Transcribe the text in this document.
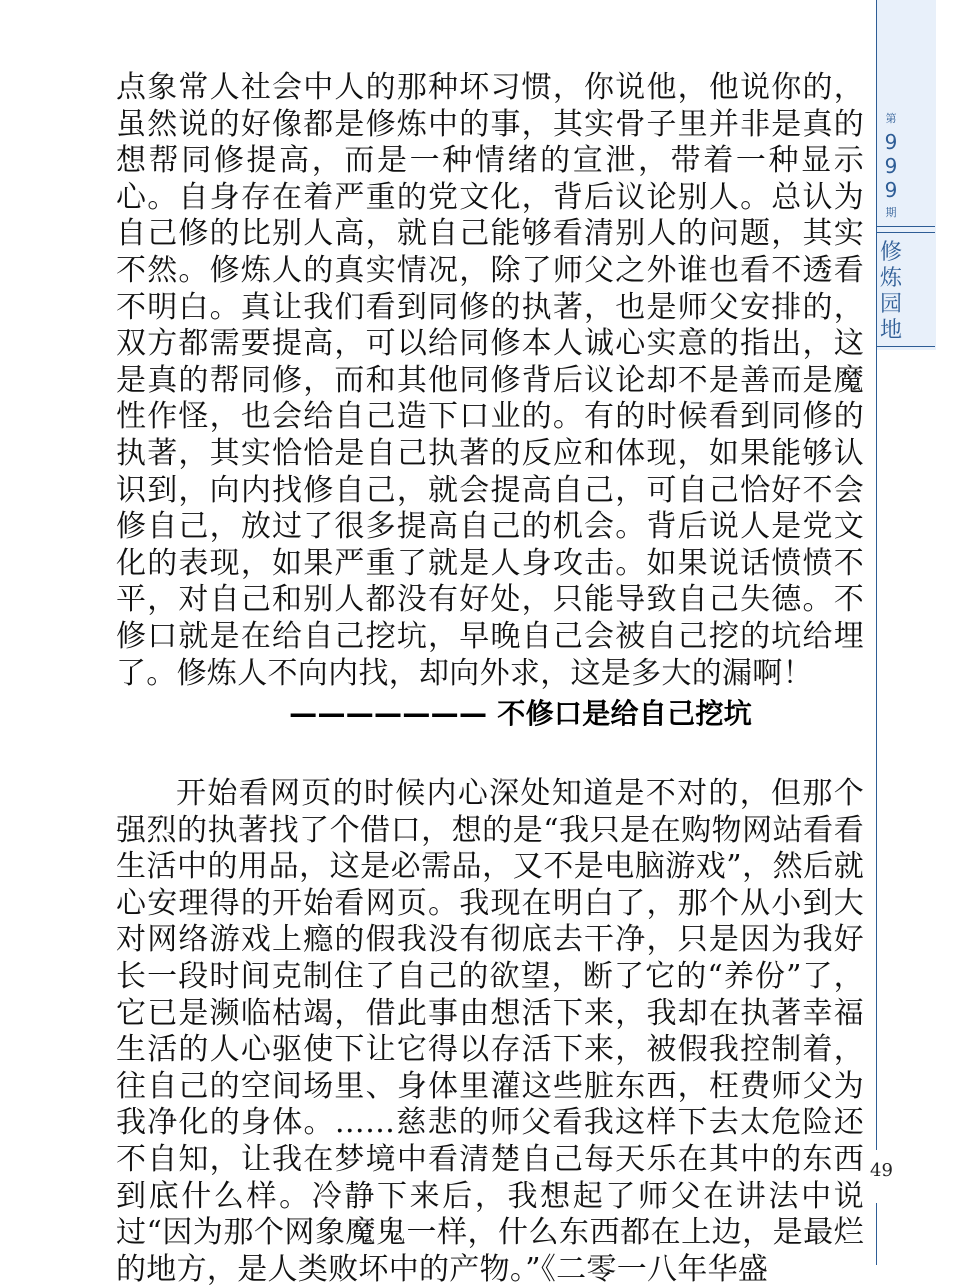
点象常人社会中人的那种坏习惯，你说他，他说你的，虽然说的好像都是修炼中的事，其实骨子里并非是真的想帮同修提高，而是一种情绪的宣泄，带着一种显示心。自身存在着严重的党文化，背后议论别人。总认为自己修的比别人高，就自己能够看清别人的问题，其实不然。修炼人的真实情况，除了师父之外谁也看不透看不明白。真让我们看到同修的执著，也是师父安排的，双方都需要提高，可以给同修本人诚心实意的指出，这是真的帮同修，而和其他同修背后议论却不是善而是魔性作怪，也会给自己造下口业的。有的时候看到同修的执著，其实恰恰是自己执著的反应和体现，如果能够认识到，向内找修自己，就会提高自己，可自己恰好不会修自己，放过了很多提高自己的机会。背后说人是党文化的表现，如果严重了就是人身攻击。如果说话愤愤不平，对自己和别人都没有好处，只能导致自己失德。不修口就是在给自己挖坑，早晚自己会被自己挖的坑给埋了。修炼人不向内找，却向外求，这是多大的漏啊！

——————— 不修口是给自己挖坑

开始看网页的时候内心深处知道是不对的，但那个强烈的执著找了个借口，想的是“我只是在购物网站看看生活中的用品，这是必需品，又不是电脑游戏”，然后就心安理得的开始看网页。我现在明白了，那个从小到大对网络游戏上瘾的假我没有彻底去干净，只是因为我好长一段时间克制住了自己的欲望，断了它的“养份”了，它已是濒临枯竭，借此事由想活下来，我却在执著幸福生活的人心驱使下让它得以存活下来，被假我控制着，往自己的空间场里、身体里灌这些脏东西，枉费师父为我净化的身体。……慈悲的师父看我这样下去太危险还不自知，让我在梦境中看清楚自己每天乐在其中的东西到底什么样。冷静下来后，我想起了师父在讲法中说过“因为那个网象魔鬼一样，什么东西都在上边，是最烂的地方，是人类败坏中的产物。”《二零一八年华盛

第
9
9
9
期
修
炼
园
地
49
